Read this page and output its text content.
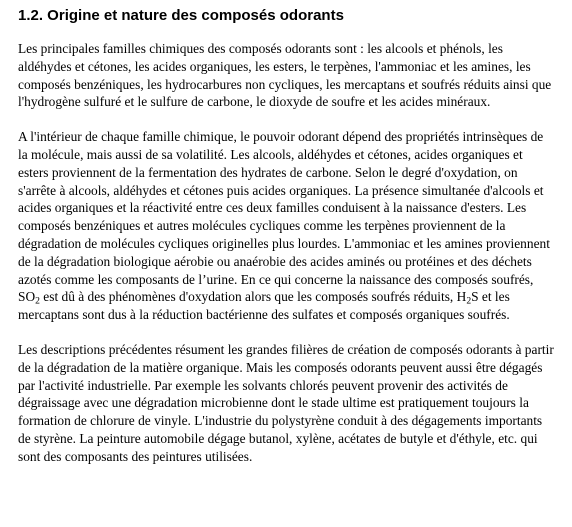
1.2. Origine et nature des composés odorants

Les principales familles chimiques des composés odorants sont : les alcools et phénols, les aldéhydes et cétones, les acides organiques, les esters, le terpènes, l'ammoniac et les amines, les composés benzéniques, les hydrocarbures non cycliques, les mercaptans et soufrés réduits ainsi que l'hydrogène sulfuré et le sulfure de carbone, le dioxyde de soufre et les acides minéraux.

A l'intérieur de chaque famille chimique, le pouvoir odorant dépend des propriétés intrinsèques de la molécule, mais aussi de sa volatilité. Les alcools, aldéhydes et cétones, acides organiques et esters proviennent de la fermentation des hydrates de carbone. Selon le degré d'oxydation, on s'arrête à alcools, aldéhydes et cétones puis acides organiques. La présence simultanée d'alcools et acides organiques et la réactivité entre ces deux familles conduisent à la naissance d'esters. Les composés benzéniques et autres molécules cycliques comme les terpènes proviennent de la dégradation de molécules cycliques originelles plus lourdes. L'ammoniac et les amines proviennent de la dégradation biologique aérobie ou anaérobie des acides aminés ou protéines et des déchets azotés comme les composants de l’urine. En ce qui concerne la naissance des composés soufrés, $SO_2$ est dû à des phénomènes d'oxydation alors que les composés soufrés réduits, $H_2S$ et les mercaptans sont dus à la réduction bactérienne des sulfates et composés organiques soufrés.

Les descriptions précédentes résument les grandes filières de création de composés odorants à partir de la dégradation de la matière organique. Mais les composés odorants peuvent aussi être dégagés par l'activité industrielle. Par exemple les solvants chlorés peuvent provenir des activités de dégraissage avec une dégradation microbienne dont le stade ultime est pratiquement toujours la formation de chlorure de vinyle. L'industrie du polystyrène conduit à des dégagements importants de styrène. La peinture automobile dégage butanol, xylène, acétates de butyle et d'éthyle, etc. qui sont des composants des peintures utilisées.
